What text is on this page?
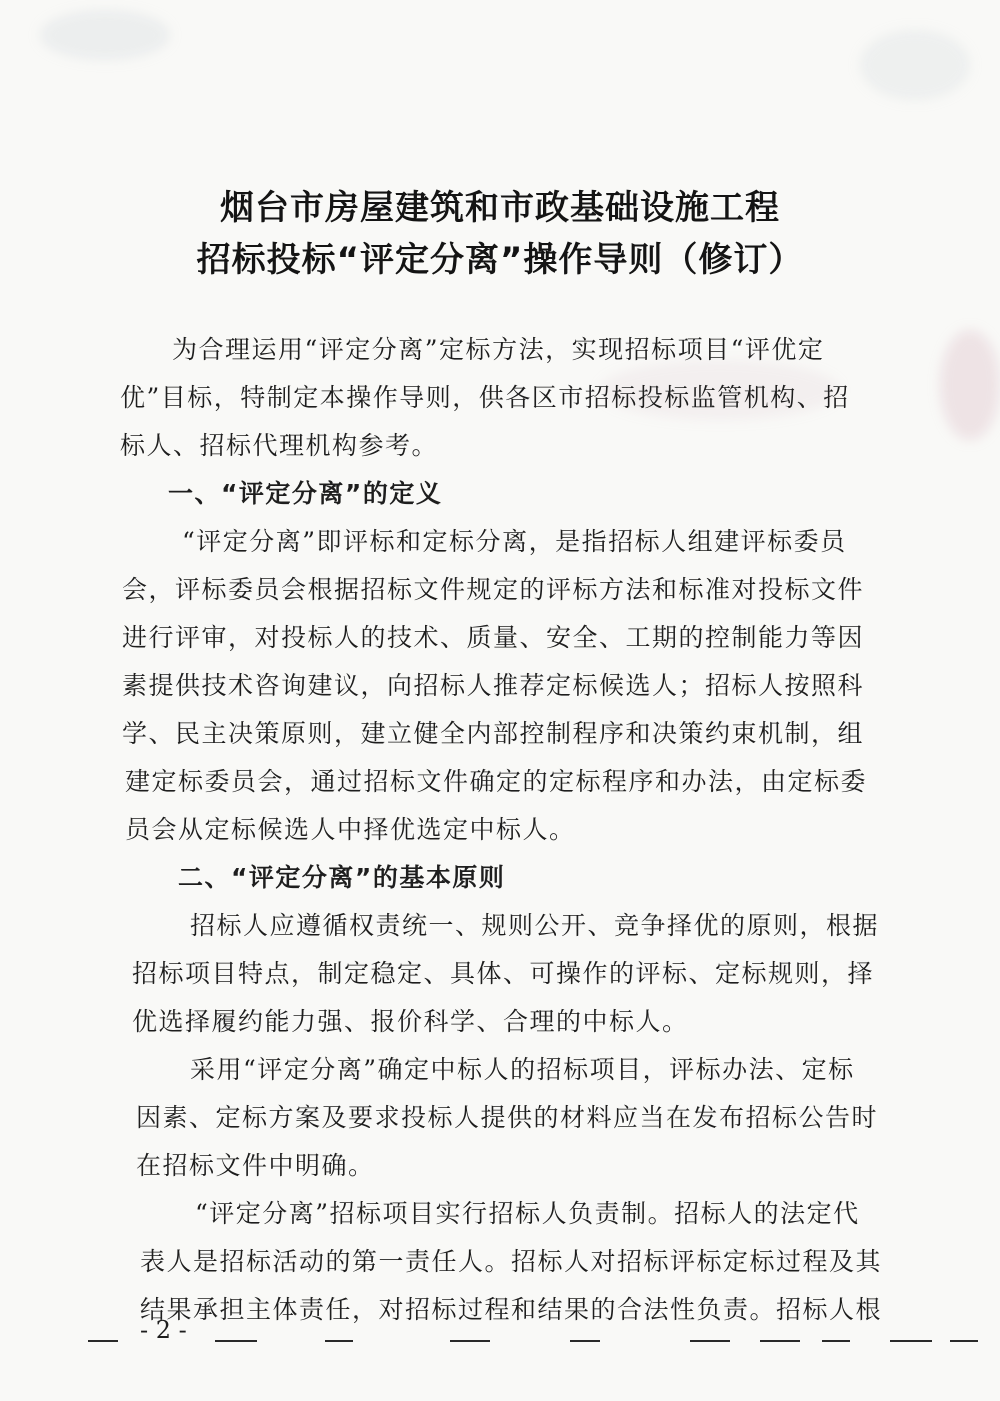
烟台市房屋建筑和市政基础设施工程
招标投标“评定分离”操作导则（修订）
为合理运用“评定分离”定标方法，实现招标项目“评优定
优”目标，特制定本操作导则，供各区市招标投标监管机构、招
标人、招标代理机构参考。
一、“评定分离”的定义
“评定分离”即评标和定标分离，是指招标人组建评标委员
会，评标委员会根据招标文件规定的评标方法和标准对投标文件
进行评审，对投标人的技术、质量、安全、工期的控制能力等因
素提供技术咨询建议，向招标人推荐定标候选人；招标人按照科
学、民主决策原则，建立健全内部控制程序和决策约束机制，组
建定标委员会，通过招标文件确定的定标程序和办法，由定标委
员会从定标候选人中择优选定中标人。
二、“评定分离”的基本原则
招标人应遵循权责统一、规则公开、竞争择优的原则，根据
招标项目特点，制定稳定、具体、可操作的评标、定标规则，择
优选择履约能力强、报价科学、合理的中标人。
采用“评定分离”确定中标人的招标项目，评标办法、定标
因素、定标方案及要求投标人提供的材料应当在发布招标公告时
在招标文件中明确。
“评定分离”招标项目实行招标人负责制。招标人的法定代
表人是招标活动的第一责任人。招标人对招标评标定标过程及其
结果承担主体责任，对招标过程和结果的合法性负责。招标人根
- 2 -
